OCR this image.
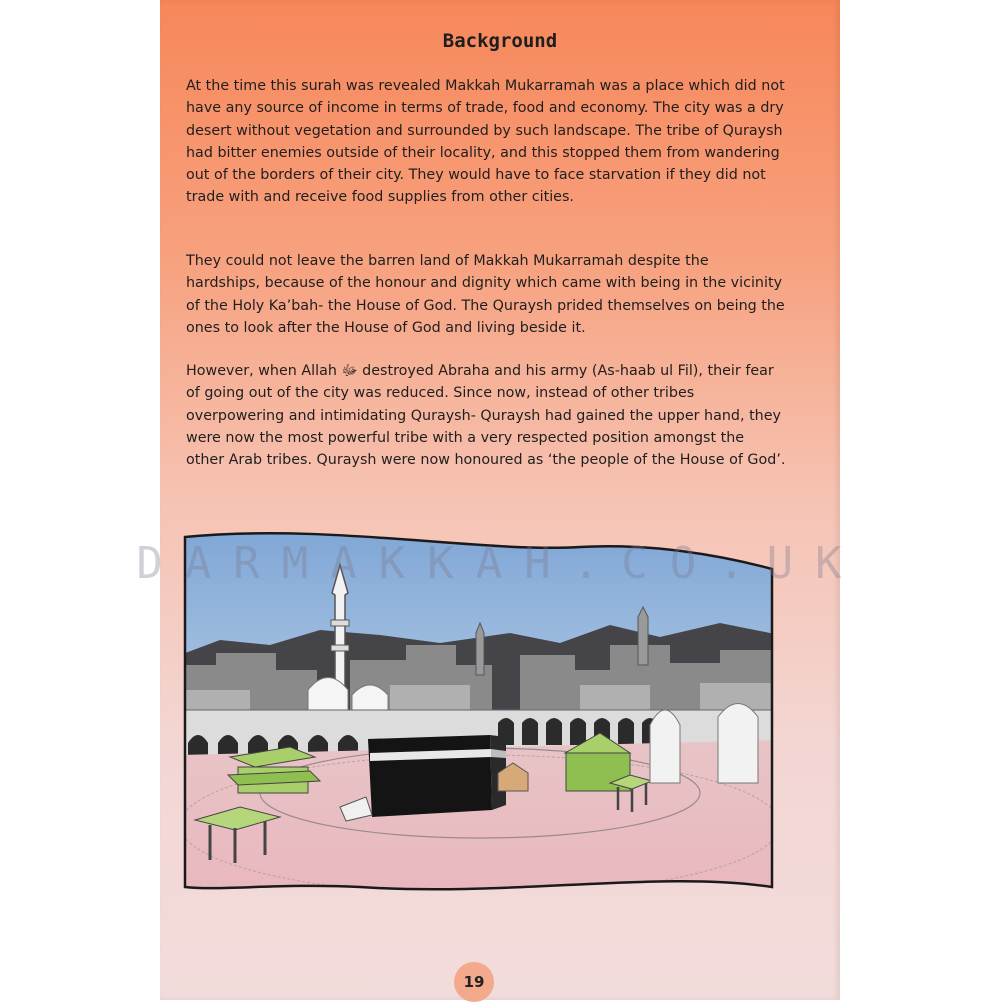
Background

At the time this surah was revealed Makkah Mukarramah was a place which did not have any source of income in terms of trade, food and economy. The city was a dry desert without vegetation and surrounded by such landscape. The tribe of Quraysh had bitter enemies outside of their locality, and this stopped them from wandering out of the borders of their city. They would have to face starvation if they did not trade with and receive food supplies from other cities.

They could not leave the barren land of Makkah Mukarramah despite the hardships, because of the honour and dignity which came with being in the vicinity of the Holy Ka’bah- the House of God. The Quraysh prided themselves on being the ones to look after the House of God and living beside it.

However, when Allah ﷻ destroyed Abraha and his army (As-haab ul Fil), their fear of going out of the city was reduced. Since now, instead of other tribes overpowering and intimidating Quraysh- Quraysh had gained the upper hand, they were now the most powerful tribe with a very respected position amongst the other Arab tribes. Quraysh were now honoured as ‘the people of the House of God’.

19
DARMAKKAH.CO.UK
